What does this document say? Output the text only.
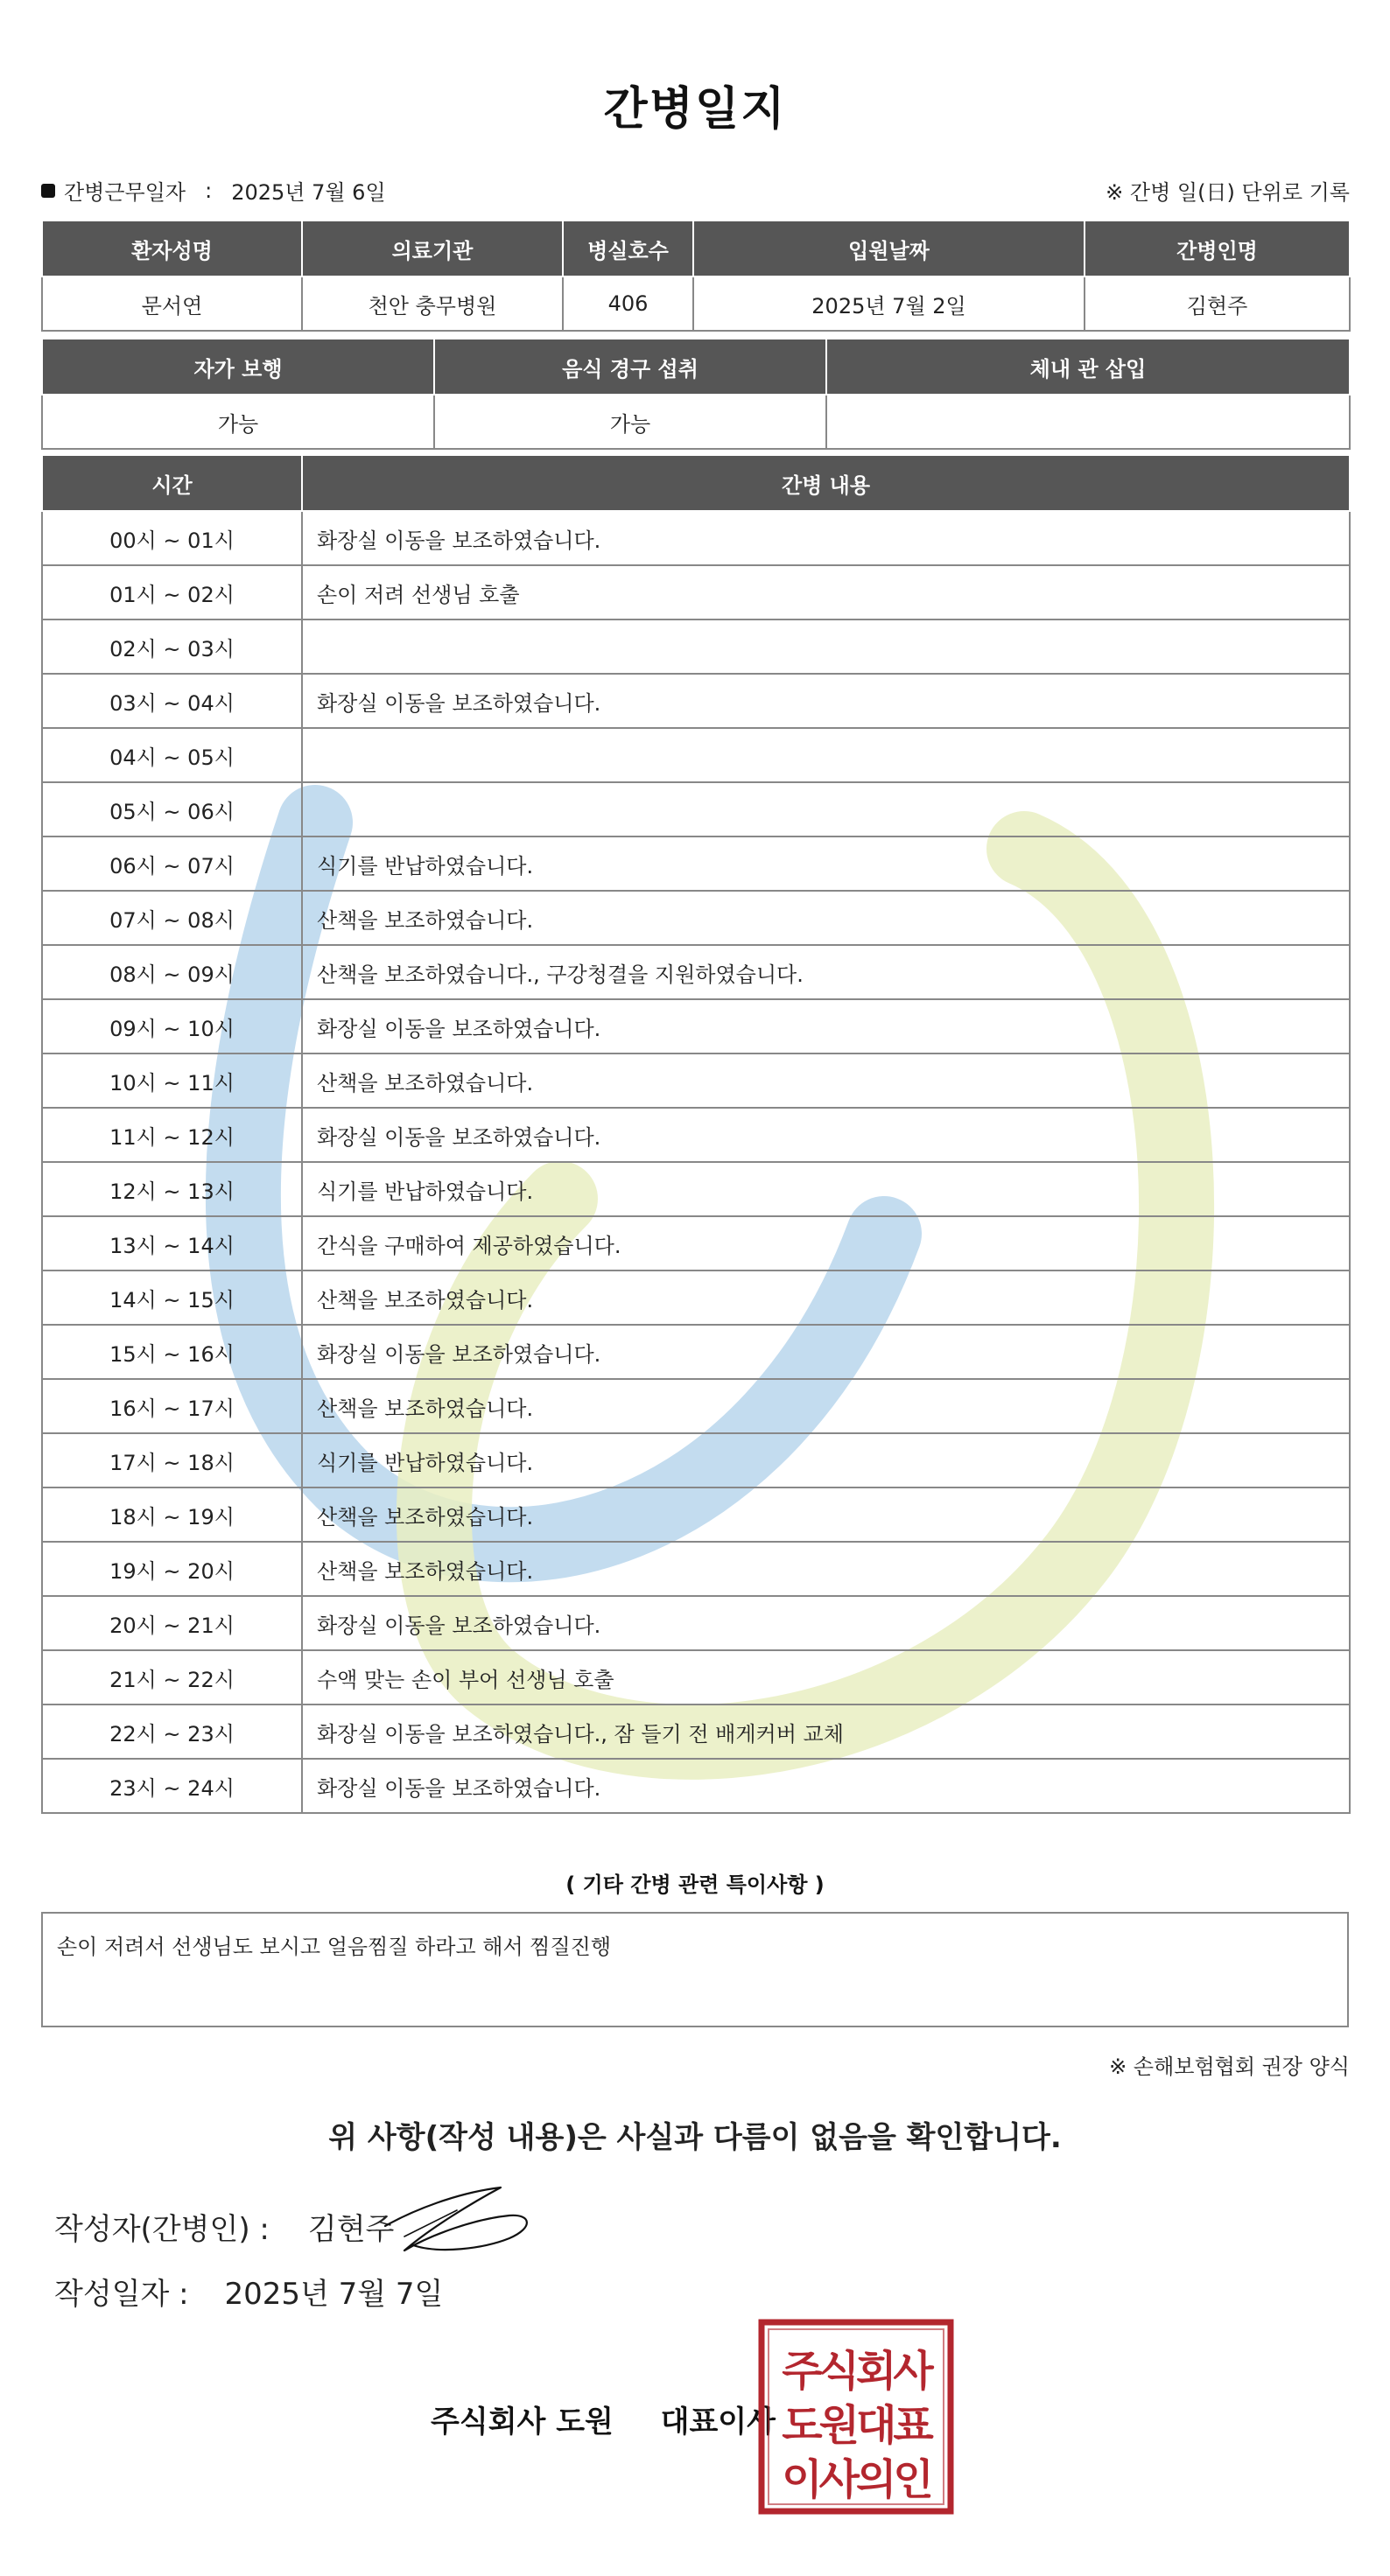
간병일지
간병근무일자 : 2025년 7월 6일	※ 간병 일(日) 단위로 기록
환자성명	의료기관	병실호수	입원날짜	간병인명
문서연	천안 충무병원	406	2025년 7월 2일	김현주
자가 보행	음식 경구 섭취	체내 관 삽입
가능	가능	
시간	간병 내용
00시 ~ 01시	화장실 이동을 보조하였습니다.
01시 ~ 02시	손이 저려 선생님 호출
02시 ~ 03시	
03시 ~ 04시	화장실 이동을 보조하였습니다.
04시 ~ 05시	
05시 ~ 06시	
06시 ~ 07시	식기를 반납하였습니다.
07시 ~ 08시	산책을 보조하였습니다.
08시 ~ 09시	산책을 보조하였습니다., 구강청결을 지원하였습니다.
09시 ~ 10시	화장실 이동을 보조하였습니다.
10시 ~ 11시	산책을 보조하였습니다.
11시 ~ 12시	화장실 이동을 보조하였습니다.
12시 ~ 13시	식기를 반납하였습니다.
13시 ~ 14시	간식을 구매하여 제공하였습니다.
14시 ~ 15시	산책을 보조하였습니다.
15시 ~ 16시	화장실 이동을 보조하였습니다.
16시 ~ 17시	산책을 보조하였습니다.
17시 ~ 18시	식기를 반납하였습니다.
18시 ~ 19시	산책을 보조하였습니다.
19시 ~ 20시	산책을 보조하였습니다.
20시 ~ 21시	화장실 이동을 보조하였습니다.
21시 ~ 22시	수액 맞는 손이 부어 선생님 호출
22시 ~ 23시	화장실 이동을 보조하였습니다., 잠 들기 전 배게커버 교체
23시 ~ 24시	화장실 이동을 보조하였습니다.
( 기타 간병 관련 특이사항 )
손이 저려서 선생님도 보시고 얼음찜질 하라고 해서 찜질진행
※ 손해보험협회 권장 양식
위 사항(작성 내용)은 사실과 다름이 없음을 확인합니다.
작성자(간병인) : 김현주
작성일자 : 2025년 7월 7일
주식회사 도원 대표이사
주식회사
도원대표
이사의인
